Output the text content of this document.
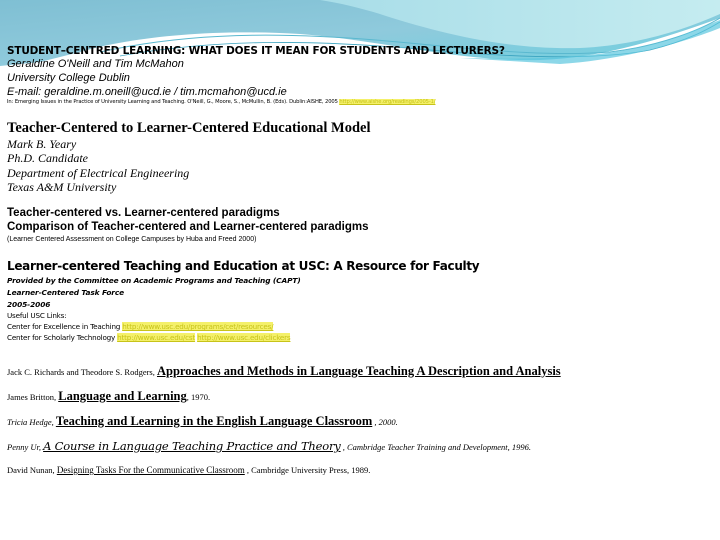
STUDENT–CENTRED LEARNING: WHAT DOES IT MEAN FOR STUDENTS AND LECTURERS?
Geraldine O'Neill and Tim McMahon
University College Dublin
E-mail: geraldine.m.oneill@ucd.ie / tim.mcmahon@ucd.ie
In: Emerging Issues in the Practice of University Learning and Teaching. O'Neill, G., Moore, S., McMullin, B. (Eds). Dublin:AISHE, 2005 http://www.aishe.org/readings/2005-1/
Teacher-Centered to Learner-Centered Educational Model
Mark B. Yeary
Ph.D. Candidate
Department of Electrical Engineering
Texas A&M University
Teacher-centered vs. Learner-centered paradigms
Comparison of Teacher-centered and Learner-centered paradigms
(Learner Centered Assessment on College Campuses by Huba and Freed 2000)
Learner-centered Teaching and Education at USC: A Resource for Faculty
Provided by the Committee on Academic Programs and Teaching (CAPT)
Learner-Centered Task Force
2005-2006
Useful USC Links:
Center for Excellence in Teaching http://www.usc.edu/programs/cet/resources/
Center for Scholarly Technology http://www.usc.edu/cst http://www.usc.edu/clickers
Jack C. Richards and Theodore S. Rodgers, Approaches and Methods in Language Teaching A Description and Analysis
James Britton, Language and Learning, 1970.
Tricia Hedge, Teaching and Learning in the English Language Classroom , 2000.
Penny Ur, A Course in Language Teaching Practice and Theory , Cambridge Teacher Training and Development, 1996.
David Nunan, Designing Tasks For the Communicative Classroom , Cambridge University Press, 1989.
